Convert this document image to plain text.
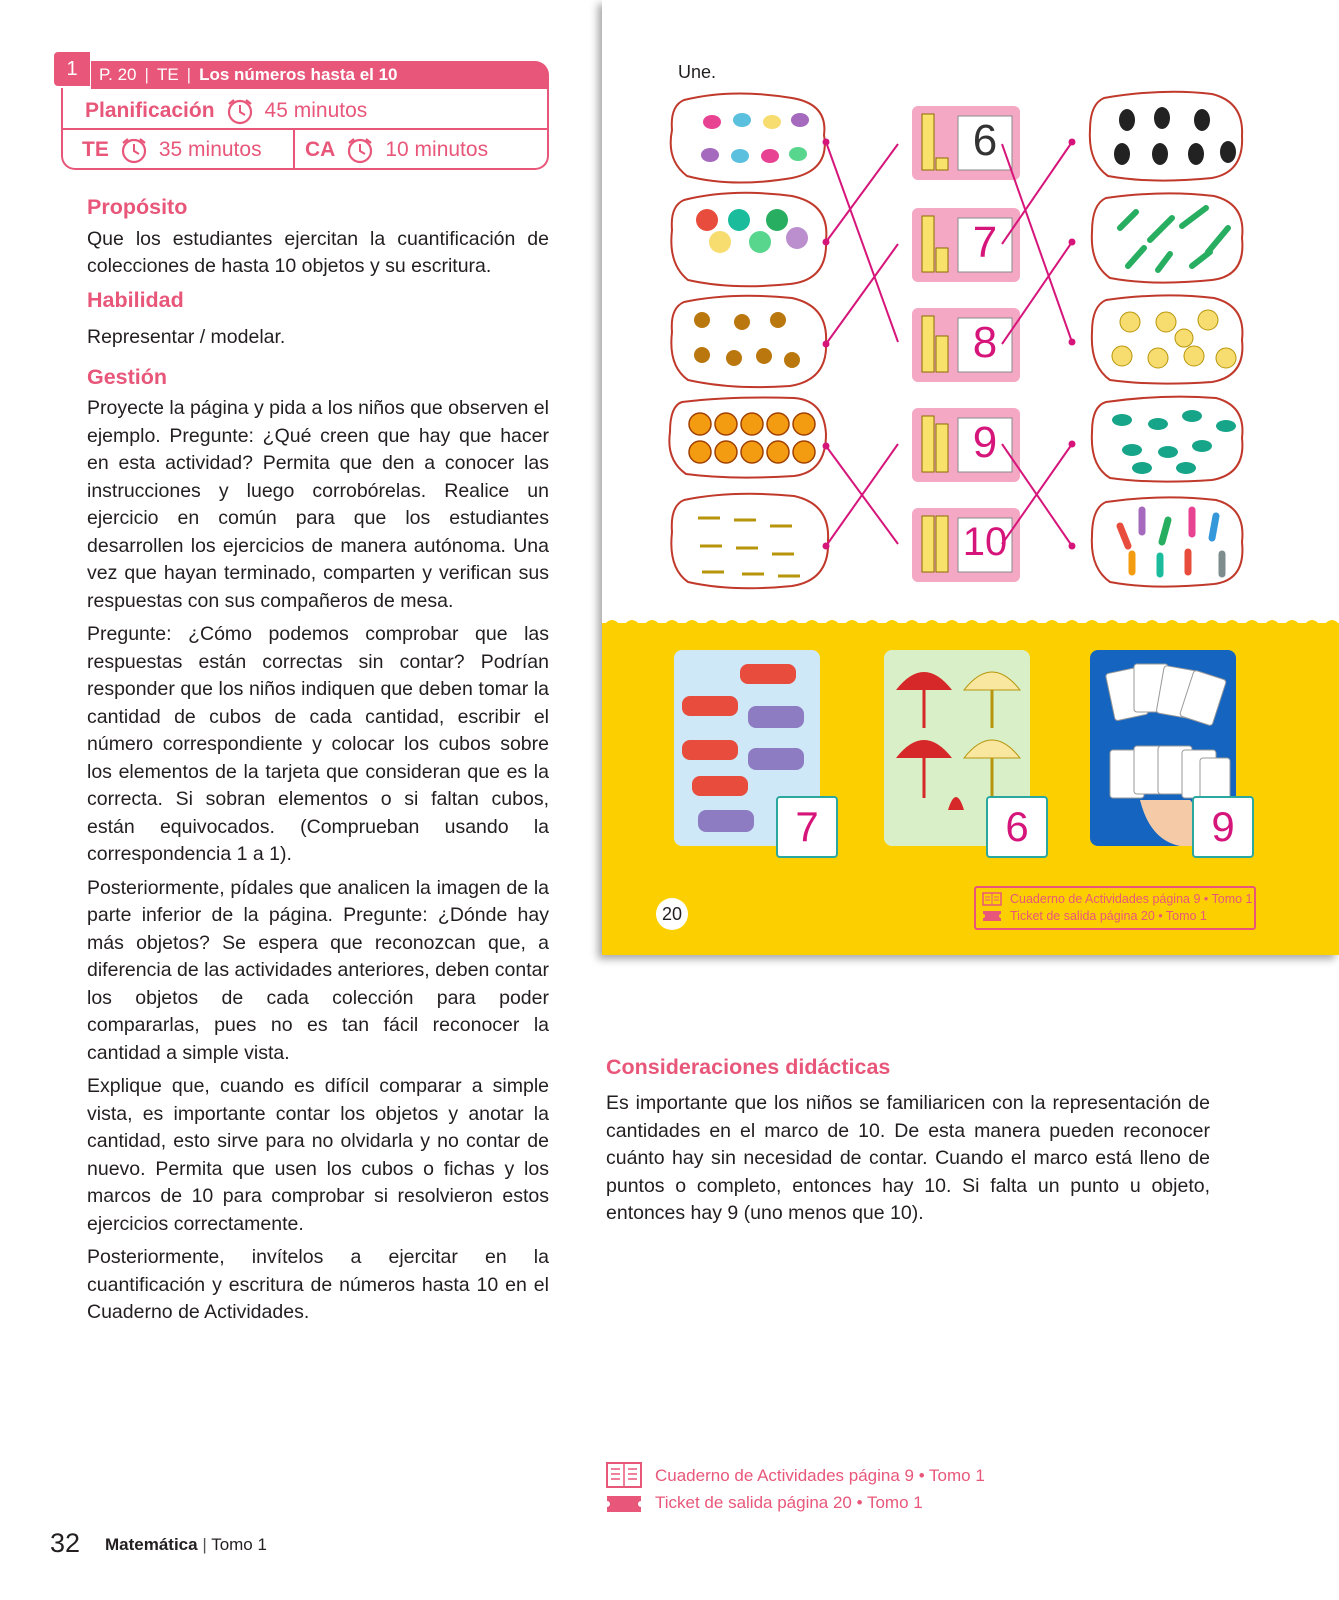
1	P. 20 | TE | Los números hasta el 10
Planificación 45 minutos
TE 35 minutos CA 10 minutos
Propósito

Que los estudiantes ejercitan la cuantificación de colecciones de hasta 10 objetos y su escritura.

Habilidad

Representar / modelar.

Gestión

Proyecte la página y pida a los niños que observen el ejemplo. Pregunte: ¿Qué creen que hay que hacer en esta actividad? Permita que den a conocer las instrucciones y luego corrobórelas. Realice un ejercicio en común para que los estudiantes desarrollen los ejercicios de manera autónoma. Una vez que hayan terminado, comparten y verifican sus respuestas con sus compañeros de mesa.

Pregunte: ¿Cómo podemos comprobar que las respuestas están correctas sin contar? Podrían responder que los niños indiquen que deben tomar la cantidad de cubos de cada cantidad, escribir el número correspondiente y colocar los cubos sobre los elementos de la tarjeta que consideran que es la correcta. Si sobran elementos o si faltan cubos, están equivocados. (Comprueban usando la correspondencia 1 a 1).

Posteriormente, pídales que analicen la imagen de la parte inferior de la página. Pregunte: ¿Dónde hay más objetos? Se espera que reconozcan que, a diferencia de las actividades anteriores, deben contar los objetos de cada colección para poder compararlas, pues no es tan fácil reconocer la cantidad a simple vista.

Explique que, cuando es difícil comparar a simple vista, es importante contar los objetos y anotar la cantidad, esto sirve para no olvidarla y no contar de nuevo. Permita que usen los cubos o fichas y los marcos de 10 para comprobar si resolvieron estos ejercicios correctamente.

Posteriormente, invítelos a ejercitar en la cuantificación y escritura de números hasta 10 en el Cuaderno de Actividades.

Une.
6
7
8
9
10
7	6	9
20
Cuaderno de Actividades página 9 • Tomo 1
Ticket de salida página 20 • Tomo 1
Consideraciones didácticas
Es importante que los niños se familiaricen con la representación de cantidades en el marco de 10. De esta manera pueden reconocer cuánto hay sin necesidad de contar. Cuando el marco está lleno de puntos o completo, entonces hay 10. Si falta un punto u objeto, entonces hay 9 (uno menos que 10).
Cuaderno de Actividades página 9 • Tomo 1
Ticket de salida página 20 • Tomo 1
32 Matemática | Tomo 1
